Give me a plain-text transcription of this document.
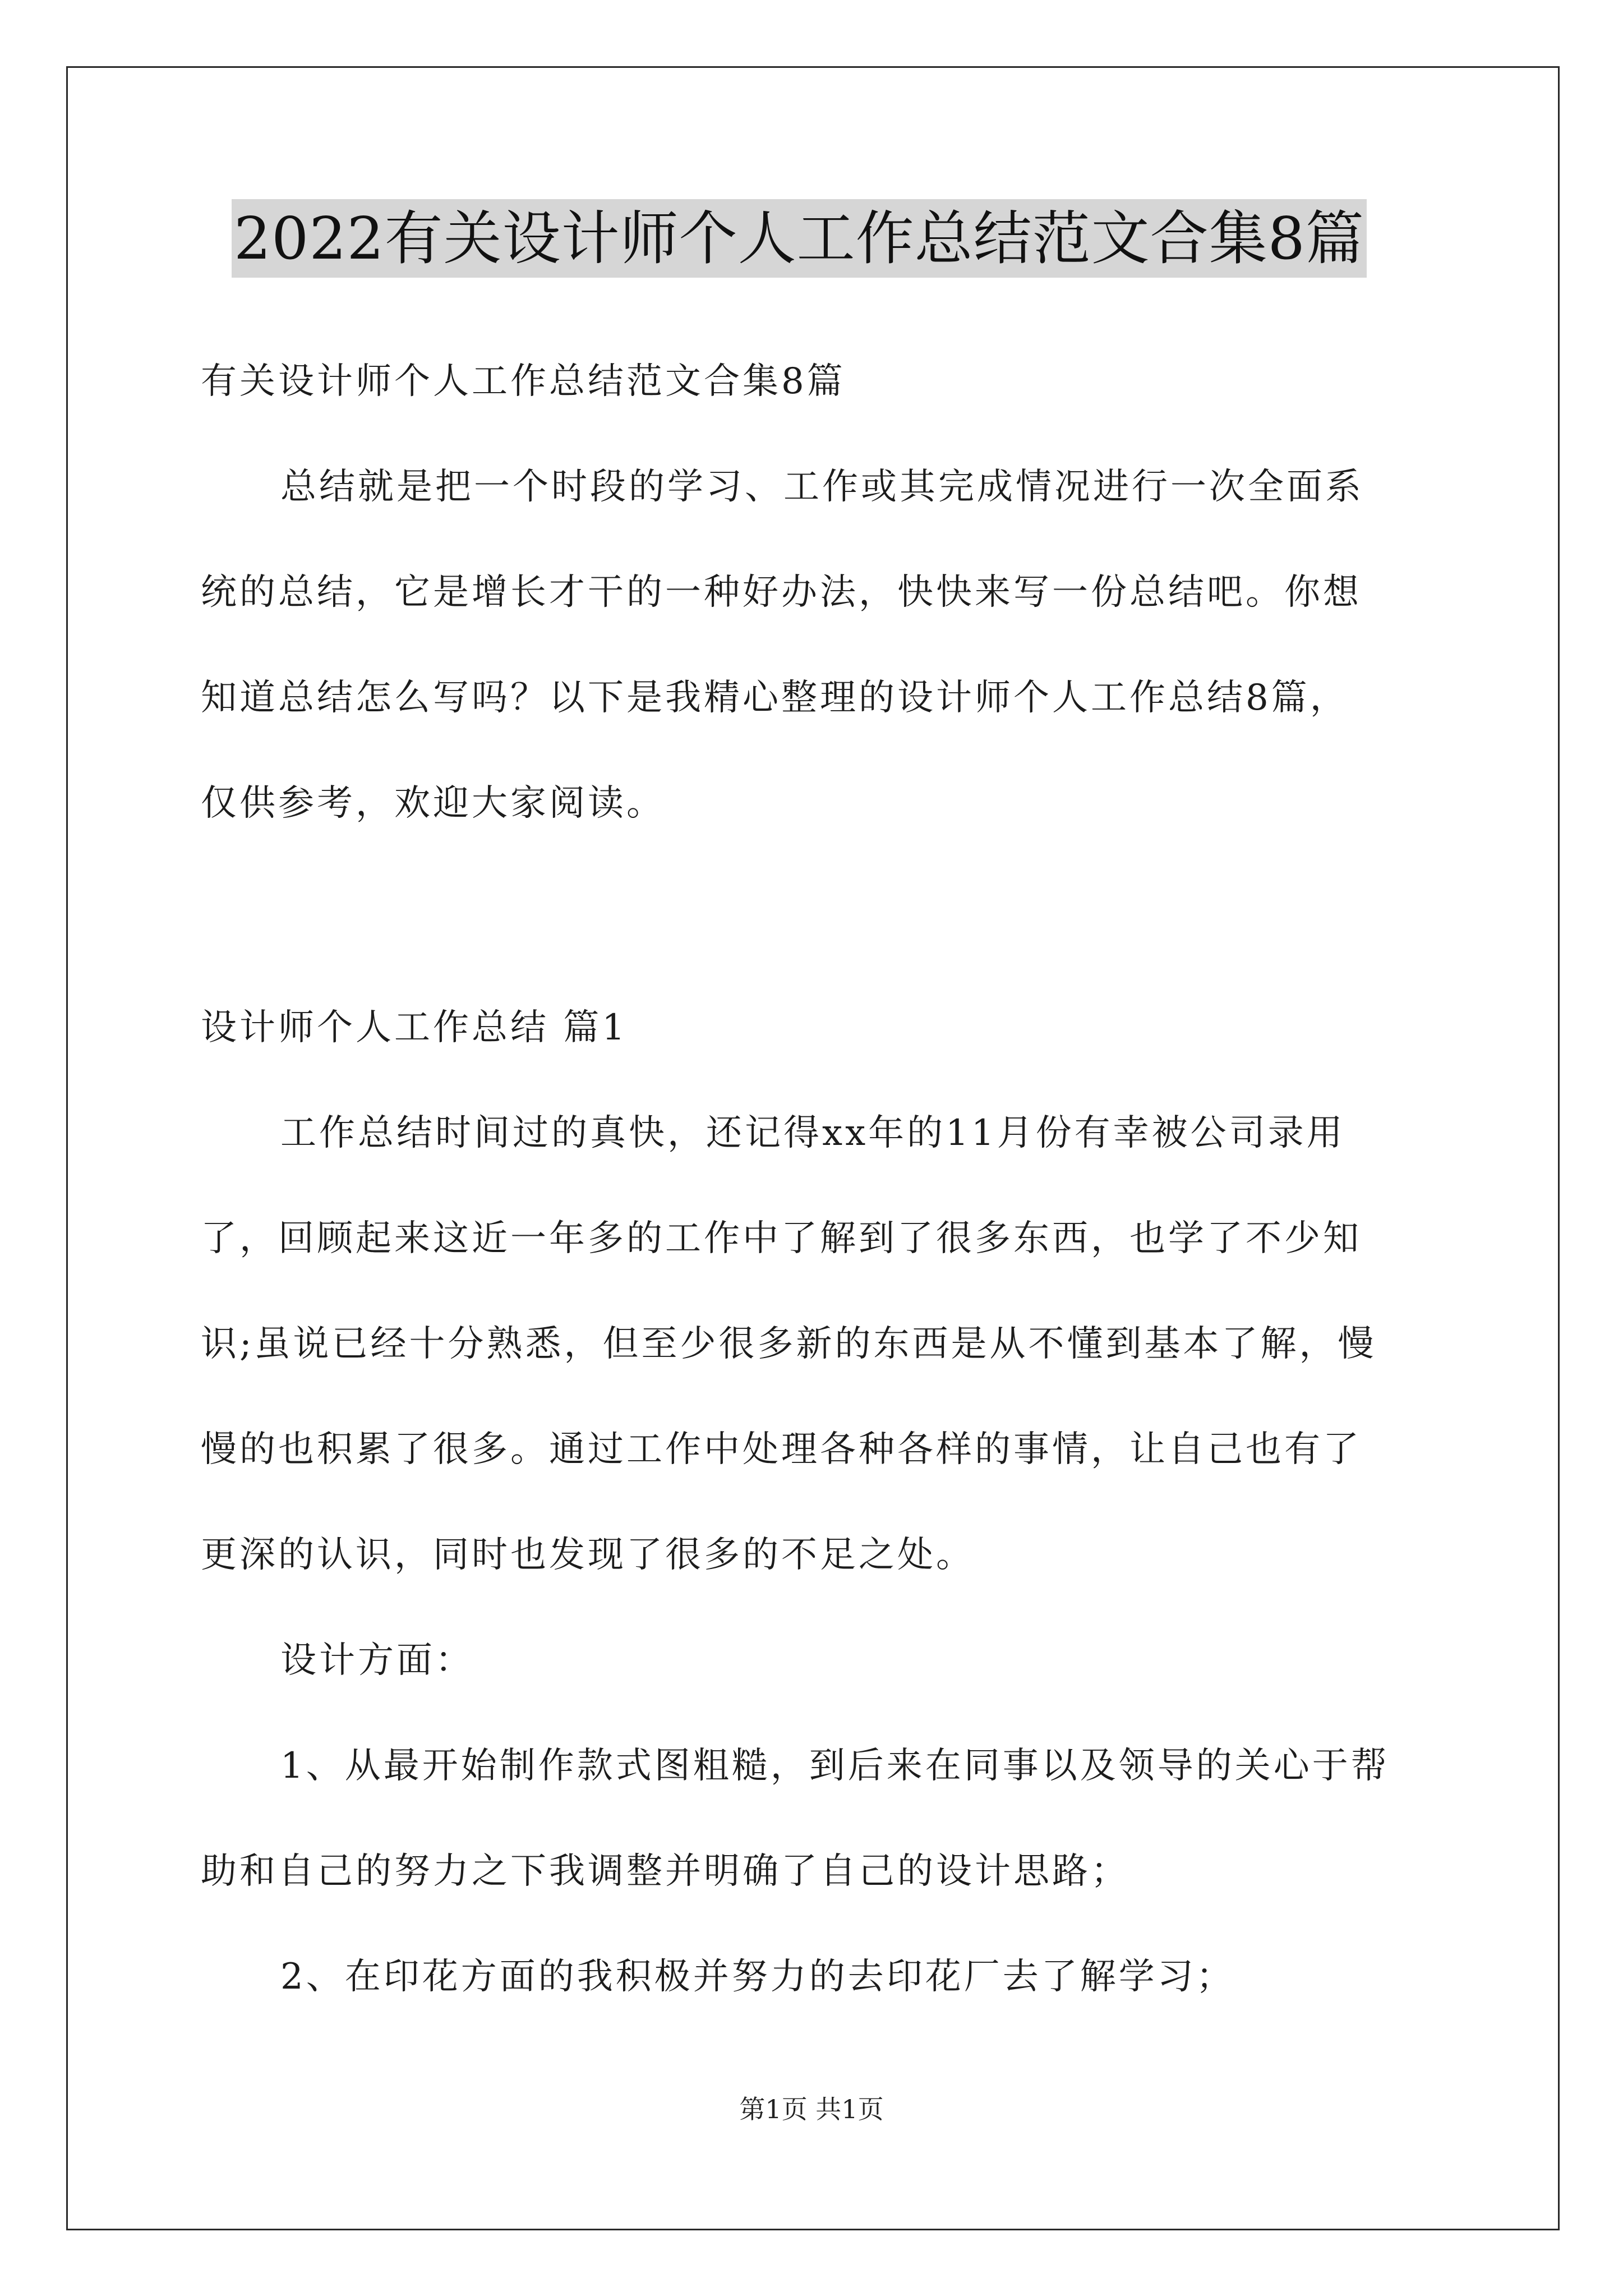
2022有关设计师个人工作总结范文合集8篇
有关设计师个人工作总结范文合集8篇
总结就是把一个时段的学习、工作或其完成情况进行一次全面系
统的总结，它是增长才干的一种好办法，快快来写一份总结吧。你想
知道总结怎么写吗？以下是我精心整理的设计师个人工作总结8篇，
仅供参考，欢迎大家阅读。
设计师个人工作总结 篇1
工作总结时间过的真快，还记得xx年的11月份有幸被公司录用
了，回顾起来这近一年多的工作中了解到了很多东西，也学了不少知
识;虽说已经十分熟悉，但至少很多新的东西是从不懂到基本了解，慢
慢的也积累了很多。通过工作中处理各种各样的事情，让自己也有了
更深的认识，同时也发现了很多的不足之处。
设计方面：
1、从最开始制作款式图粗糙，到后来在同事以及领导的关心于帮
助和自己的努力之下我调整并明确了自己的设计思路；
2、在印花方面的我积极并努力的去印花厂去了解学习；
第1页 共1页
